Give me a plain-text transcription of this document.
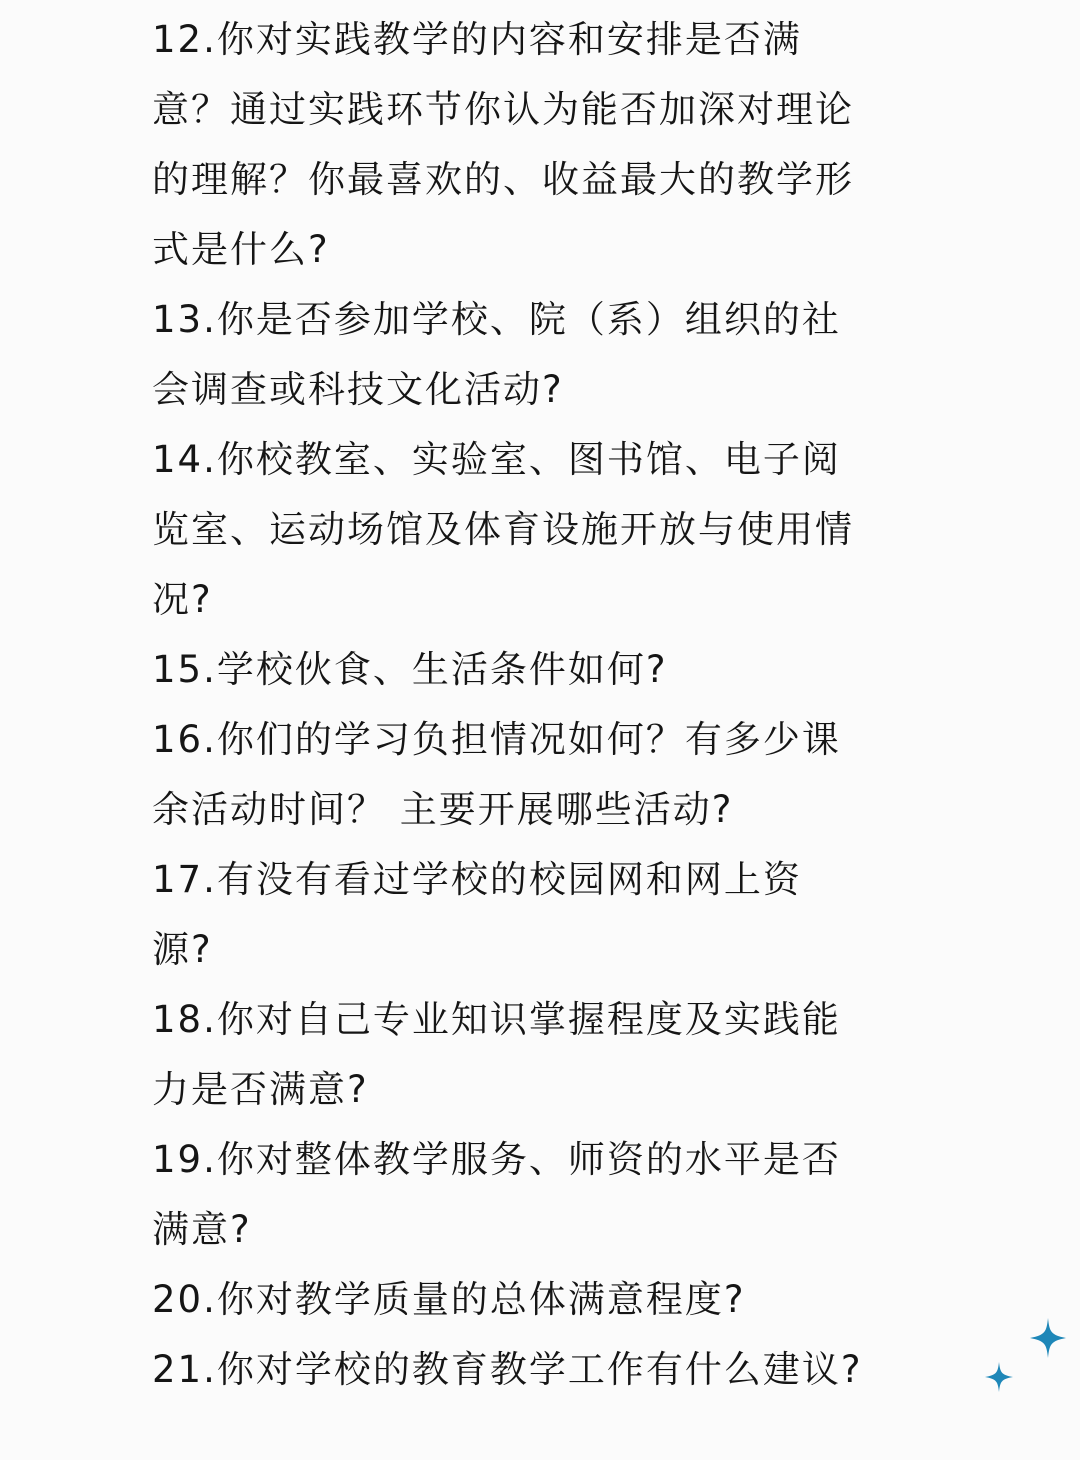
12.你对实践教学的内容和安排是否满
意？通过实践环节你认为能否加深对理论
的理解？你最喜欢的、收益最大的教学形
式是什么?
13.你是否参加学校、院（系）组织的社
会调查或科技文化活动?
14.你校教室、实验室、图书馆、电子阅
览室、运动场馆及体育设施开放与使用情
况?
15.学校伙食、生活条件如何?
16.你们的学习负担情况如何？有多少课
余活动时间？ 主要开展哪些活动?
17.有没有看过学校的校园网和网上资
源?
18.你对自己专业知识掌握程度及实践能
力是否满意?
19.你对整体教学服务、师资的水平是否
满意?
20.你对教学质量的总体满意程度?
21.你对学校的教育教学工作有什么建议?
